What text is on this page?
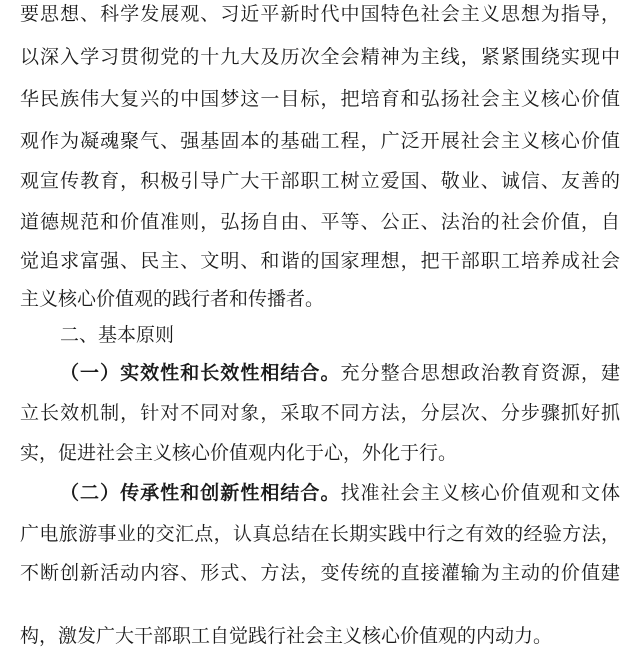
要思想、科学发展观、习近平新时代中国特色社会主义思想为指导，
以深入学习贯彻党的十九大及历次全会精神为主线，紧紧围绕实现中
华民族伟大复兴的中国梦这一目标，把培育和弘扬社会主义核心价值
观作为凝魂聚气、强基固本的基础工程，广泛开展社会主义核心价值
观宣传教育，积极引导广大干部职工树立爱国、敬业、诚信、友善的
道德规范和价值准则，弘扬自由、平等、公正、法治的社会价值，自
觉追求富强、民主、文明、和谐的国家理想，把干部职工培养成社会
主义核心价值观的践行者和传播者。
二、基本原则
（一）实效性和长效性相结合。充分整合思想政治教育资源，建
立长效机制，针对不同对象，采取不同方法，分层次、分步骤抓好抓
实，促进社会主义核心价值观内化于心，外化于行。
（二）传承性和创新性相结合。找准社会主义核心价值观和文体
广电旅游事业的交汇点，认真总结在长期实践中行之有效的经验方法，
不断创新活动内容、形式、方法，变传统的直接灌输为主动的价值建
构，激发广大干部职工自觉践行社会主义核心价值观的内动力。
